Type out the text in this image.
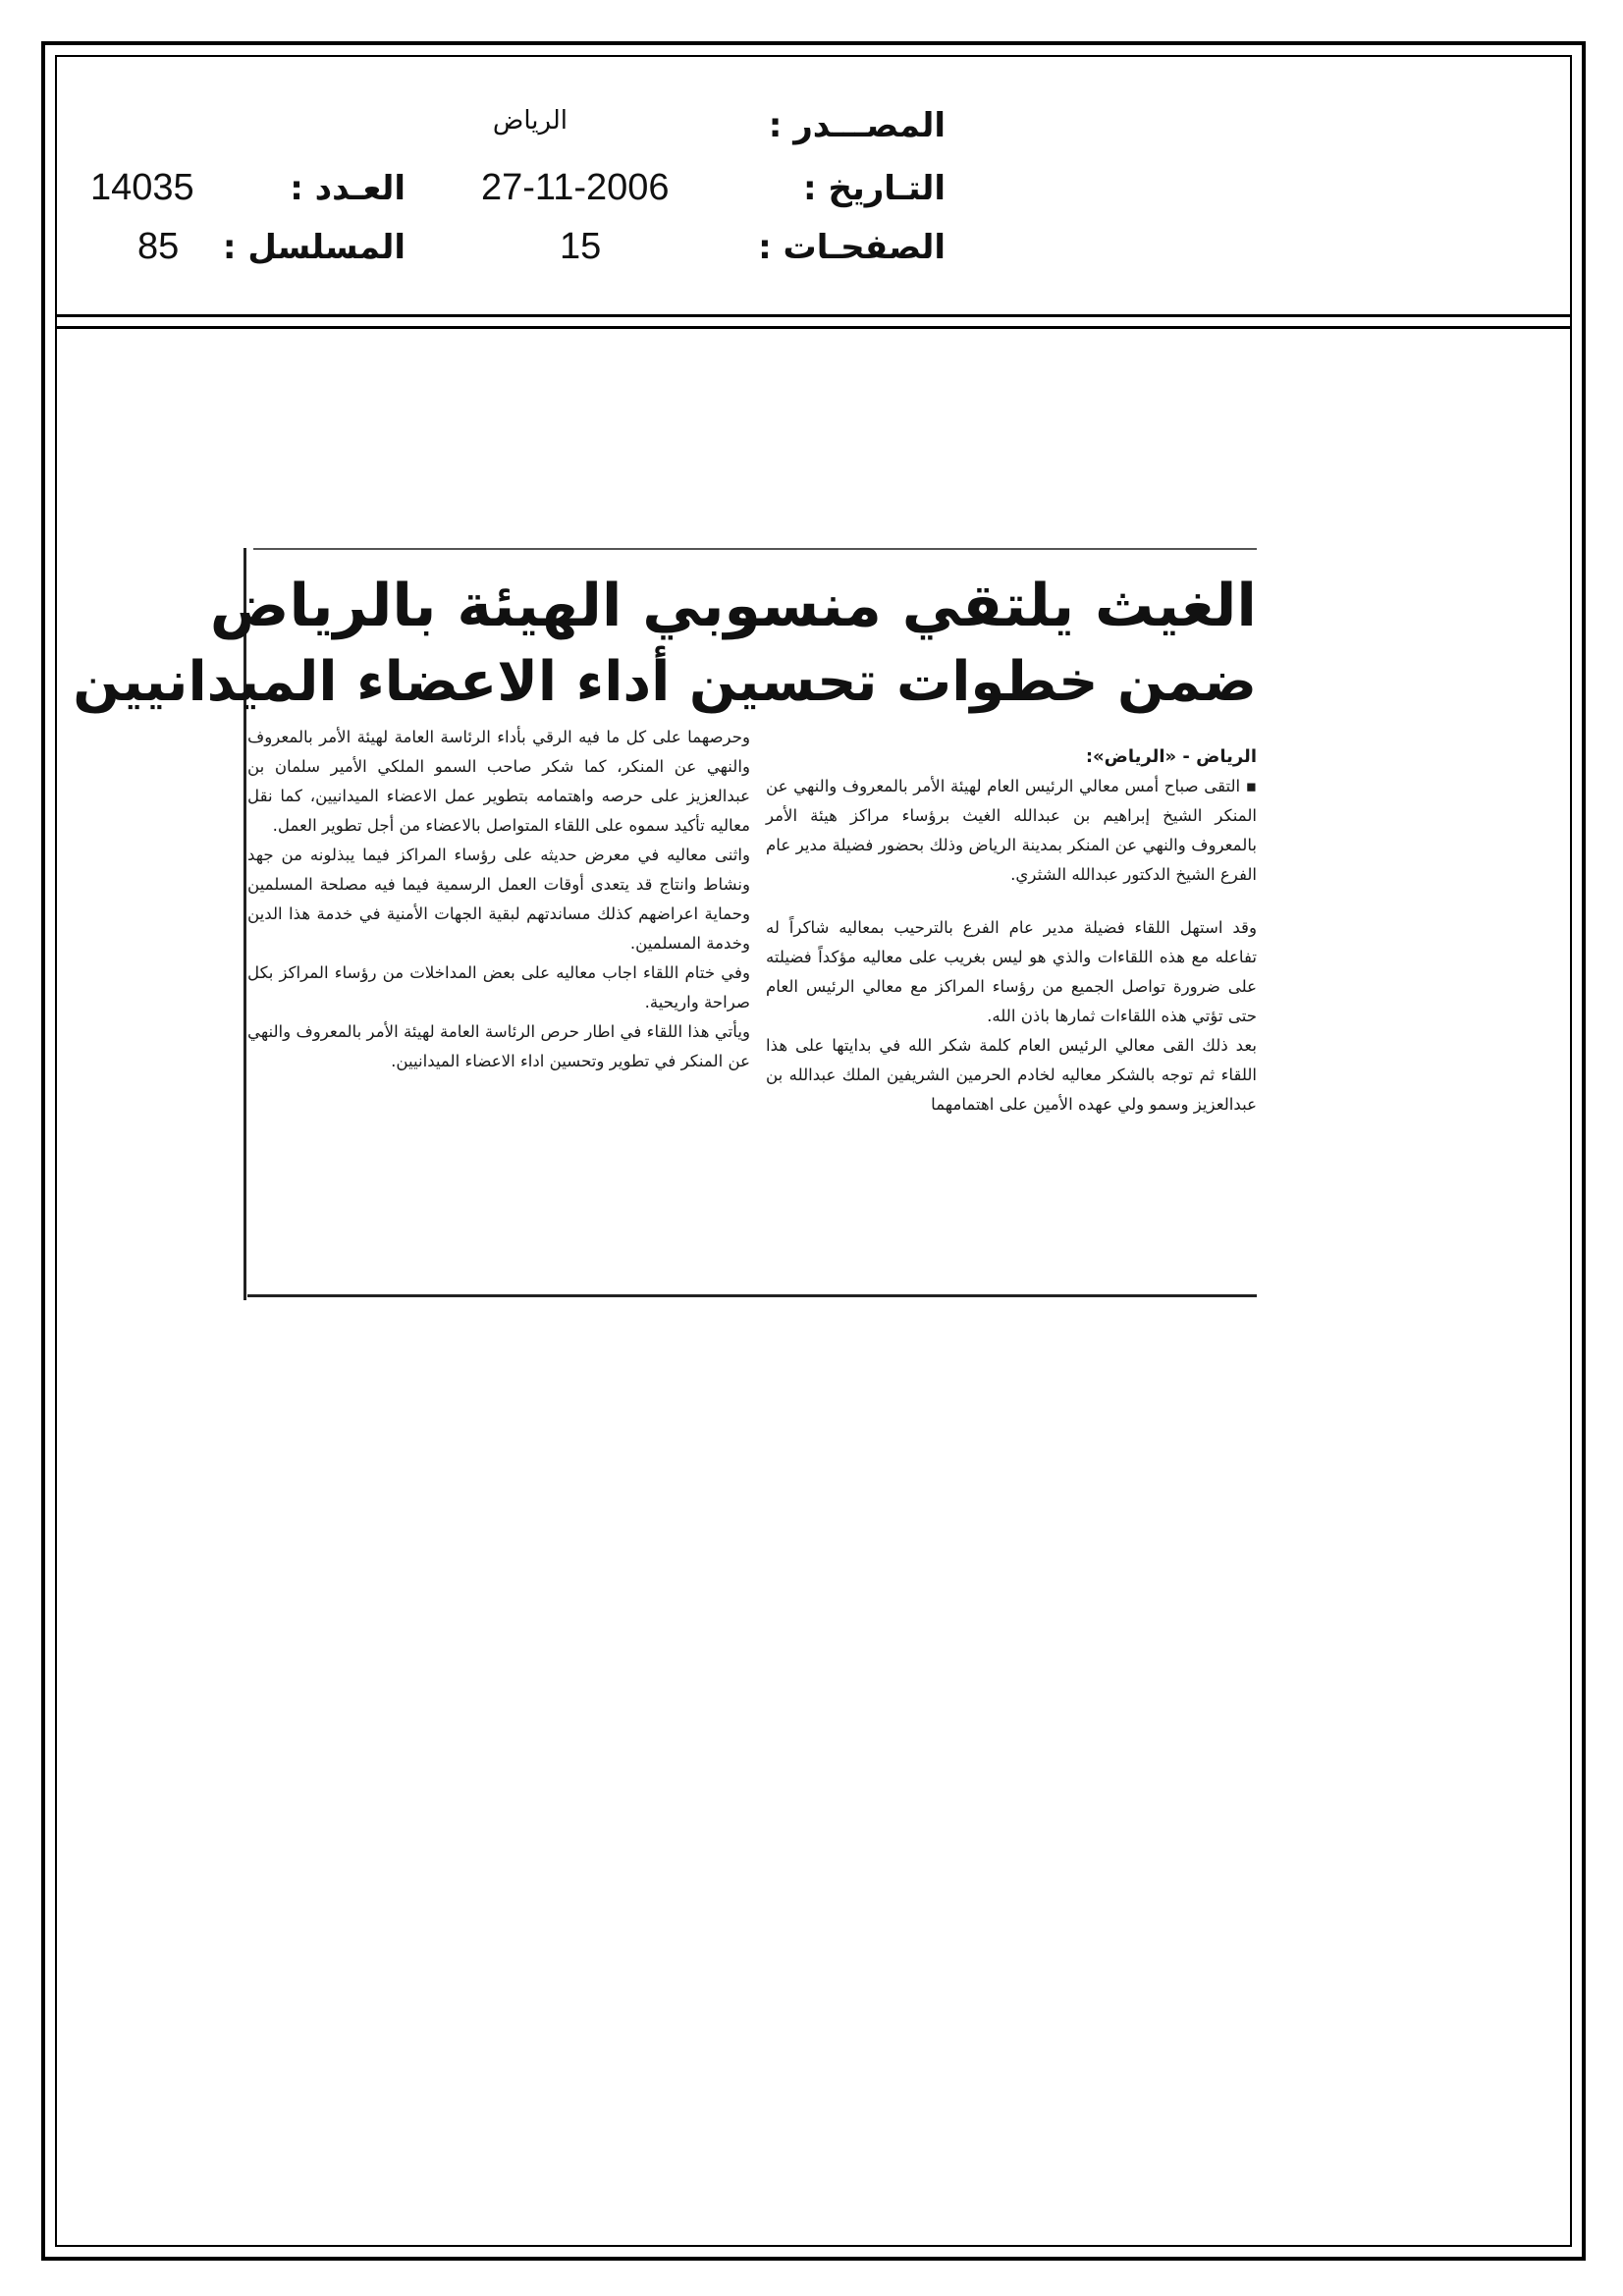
المصـــدر :
الرياض
التـاريخ :
27-11-2006
العـدد :
14035
الصفحـات :
15
المسلسل :
85
الغيث يلتقي منسوبي الهيئة بالرياض
ضمن خطوات تحسين أداء الاعضاء الميدانيين

الرياض - «الرياض»:

▪ التقى صباح أمس معالي الرئيس العام لهيئة الأمر بالمعروف والنهي عن المنكر الشيخ إبراهيم بن عبدالله الغيث برؤساء مراكز هيئة الأمر بالمعروف والنهي عن المنكر بمدينة الرياض وذلك بحضور فضيلة مدير عام الفرع الشيخ الدكتور عبدالله الشثري.

وقد استهل اللقاء فضيلة مدير عام الفرع بالترحيب بمعاليه شاكراً له تفاعله مع هذه اللقاءات والذي هو ليس بغريب على معاليه مؤكداً فضيلته على ضرورة تواصل الجميع من رؤساء المراكز مع معالي الرئيس العام حتى تؤتي هذه اللقاءات ثمارها باذن الله.

بعد ذلك القى معالي الرئيس العام كلمة شكر الله في بدايتها على هذا اللقاء ثم توجه بالشكر معاليه لخادم الحرمين الشريفين الملك عبدالله بن عبدالعزيز وسمو ولي عهده الأمين على اهتمامهما

وحرصهما على كل ما فيه الرقي بأداء الرئاسة العامة لهيئة الأمر بالمعروف والنهي عن المنكر، كما شكر صاحب السمو الملكي الأمير سلمان بن عبدالعزيز على حرصه واهتمامه بتطوير عمل الاعضاء الميدانيين، كما نقل معاليه تأكيد سموه على اللقاء المتواصل بالاعضاء من أجل تطوير العمل.

واثنى معاليه في معرض حديثه على رؤساء المراكز فيما يبذلونه من جهد ونشاط وانتاج قد يتعدى أوقات العمل الرسمية فيما فيه مصلحة المسلمين وحماية اعراضهم كذلك مساندتهم لبقية الجهات الأمنية في خدمة هذا الدين وخدمة المسلمين.

وفي ختام اللقاء اجاب معاليه على بعض المداخلات من رؤساء المراكز بكل صراحة واريحية.

ويأتي هذا اللقاء في اطار حرص الرئاسة العامة لهيئة الأمر بالمعروف والنهي عن المنكر في تطوير وتحسين اداء الاعضاء الميدانيين.
